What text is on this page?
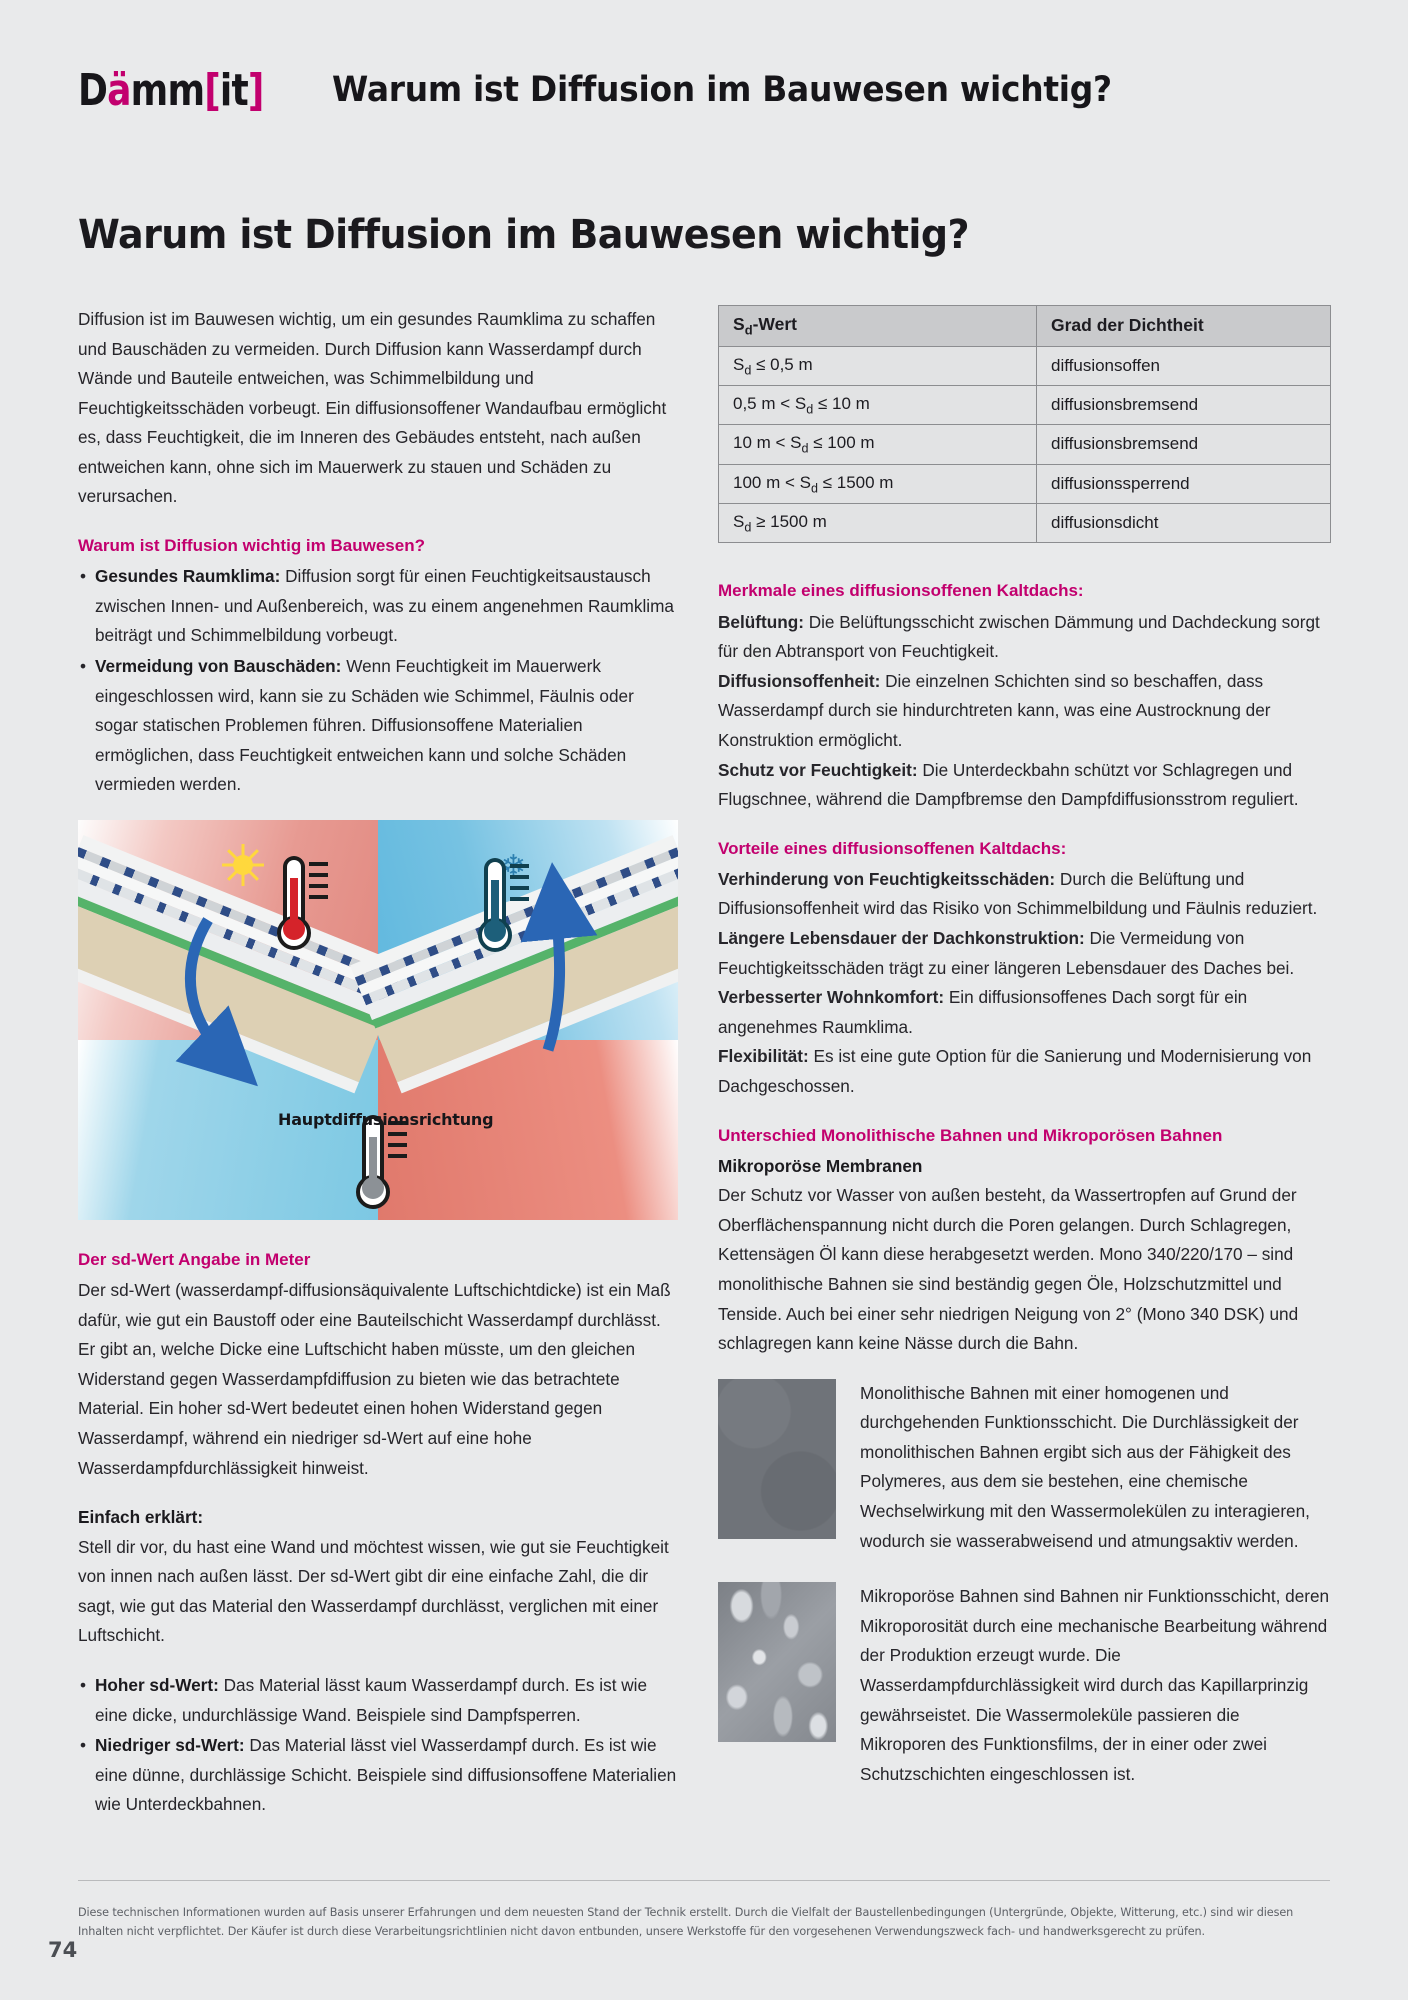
Dämm[it] Warum ist Diffusion im Bauwesen wichtig?
Warum ist Diffusion im Bauwesen wichtig?

Diffusion ist im Bauwesen wichtig, um ein gesundes Raumklima zu schaffen und Bauschäden zu vermeiden. Durch Diffusion kann Wasserdampf durch Wände und Bauteile entweichen, was Schimmelbildung und Feuchtigkeitsschäden vorbeugt. Ein diffusionsoffener Wandaufbau ermöglicht es, dass Feuchtigkeit, die im Inneren des Gebäudes entsteht, nach außen entweichen kann, ohne sich im Mauerwerk zu stauen und Schäden zu verursachen.

Warum ist Diffusion wichtig im Bauwesen?
• Gesundes Raumklima: Diffusion sorgt für einen Feuchtigkeitsaustausch zwischen Innen- und Außenbereich, was zu einem angenehmen Raumklima beiträgt und Schimmelbildung vorbeugt.
• Vermeidung von Bauschäden: Wenn Feuchtigkeit im Mauerwerk eingeschlossen wird, kann sie zu Schäden wie Schimmel, Fäulnis oder sogar statischen Problemen führen. Diffusionsoffene Materialien ermöglichen, dass Feuchtigkeit entweichen kann und solche Schäden vermieden werden.
Hauptdiffusionsrichtung
Der sd-Wert Angabe in Meter

Der sd-Wert (wasserdampf-diffusionsäquivalente Luftschichtdicke) ist ein Maß dafür, wie gut ein Baustoff oder eine Bauteilschicht Wasserdampf durchlässt. Er gibt an, welche Dicke eine Luftschicht haben müsste, um den gleichen Widerstand gegen Wasserdampfdiffusion zu bieten wie das betrachtete Material. Ein hoher sd-Wert bedeutet einen hohen Widerstand gegen Wasserdampf, während ein niedriger sd-Wert auf eine hohe Wasserdampfdurchlässigkeit hinweist.

Einfach erklärt:

Stell dir vor, du hast eine Wand und möchtest wissen, wie gut sie Feuchtigkeit von innen nach außen lässt. Der sd-Wert gibt dir eine einfache Zahl, die dir sagt, wie gut das Material den Wasserdampf durchlässt, verglichen mit einer Luftschicht.

• Hoher sd-Wert: Das Material lässt kaum Wasserdampf durch. Es ist wie eine dicke, undurchlässige Wand. Beispiele sind Dampfsperren.
• Niedriger sd-Wert: Das Material lässt viel Wasserdampf durch. Es ist wie eine dünne, durchlässige Schicht. Beispiele sind diffusionsoffene Materialien wie Unterdeckbahnen.
$S_d$-Wert	Grad der Dichtheit
$S_d \le 0,5$ m	diffusionsoffen
0,5 $m < S_d \le 10$ m	diffusionsbremsend
10 $m < S_d \le 100$ m	diffusionsbremsend
100 $m < S_d \le 1500$ m	diffusionssperrend
$S_d \ge 1500$ m	diffusionsdicht
Merkmale eines diffusionsoffenen Kaltdachs:

Belüftung: Die Belüftungsschicht zwischen Dämmung und Dachdeckung sorgt für den Abtransport von Feuchtigkeit.

Diffusionsoffenheit: Die einzelnen Schichten sind so beschaffen, dass Wasserdampf durch sie hindurchtreten kann, was eine Austrocknung der Konstruktion ermöglicht.

Schutz vor Feuchtigkeit: Die Unterdeckbahn schützt vor Schlagregen und Flugschnee, während die Dampfbremse den Dampfdiffusionsstrom reguliert.

Vorteile eines diffusionsoffenen Kaltdachs:

Verhinderung von Feuchtigkeitsschäden: Durch die Belüftung und Diffusionsoffenheit wird das Risiko von Schimmelbildung und Fäulnis reduziert.

Längere Lebensdauer der Dachkonstruktion: Die Vermeidung von Feuchtigkeitsschäden trägt zu einer längeren Lebensdauer des Daches bei.

Verbesserter Wohnkomfort: Ein diffusionsoffenes Dach sorgt für ein angenehmes Raumklima.

Flexibilität: Es ist eine gute Option für die Sanierung und Modernisierung von Dachgeschossen.

Unterschied Monolithische Bahnen und Mikroporösen Bahnen
Mikroporöse Membranen

Der Schutz vor Wasser von außen besteht, da Wassertropfen auf Grund der Oberflächenspannung nicht durch die Poren gelangen. Durch Schlagregen, Kettensägen Öl kann diese herabgesetzt werden. Mono 340/220/170 – sind monolithische Bahnen sie sind beständig gegen Öle, Holzschutzmittel und Tenside. Auch bei einer sehr niedrigen Neigung von 2° (Mono 340 DSK) und schlagregen kann keine Nässe durch die Bahn.

Monolithische Bahnen mit einer homogenen und durchgehenden Funktionsschicht. Die Durchlässigkeit der monolithischen Bahnen ergibt sich aus der Fähigkeit des Polymeres, aus dem sie bestehen, eine chemische Wechselwirkung mit den Wassermolekülen zu interagieren, wodurch sie wasserabweisend und atmungsaktiv werden.
Mikroporöse Bahnen sind Bahnen nir Funktionsschicht, deren Mikroporosität durch eine mechanische Bearbeitung während der Produktion erzeugt wurde. Die Wasserdampfdurchlässigkeit wird durch das Kapillarprinzig gewährseistet. Die Wassermoleküle passieren die Mikroporen des Funktionsfilms, der in einer oder zwei Schutzschichten eingeschlossen ist.
Diese technischen Informationen wurden auf Basis unserer Erfahrungen und dem neuesten Stand der Technik erstellt. Durch die Vielfalt der Baustellenbedingungen (Untergründe, Objekte, Witterung, etc.) sind wir diesen Inhalten nicht verpflichtet. Der Käufer ist durch diese Verarbeitungsrichtlinien nicht davon entbunden, unsere Werkstoffe für den vorgesehenen Verwendungszweck fach- und handwerksgerecht zu prüfen.
74
